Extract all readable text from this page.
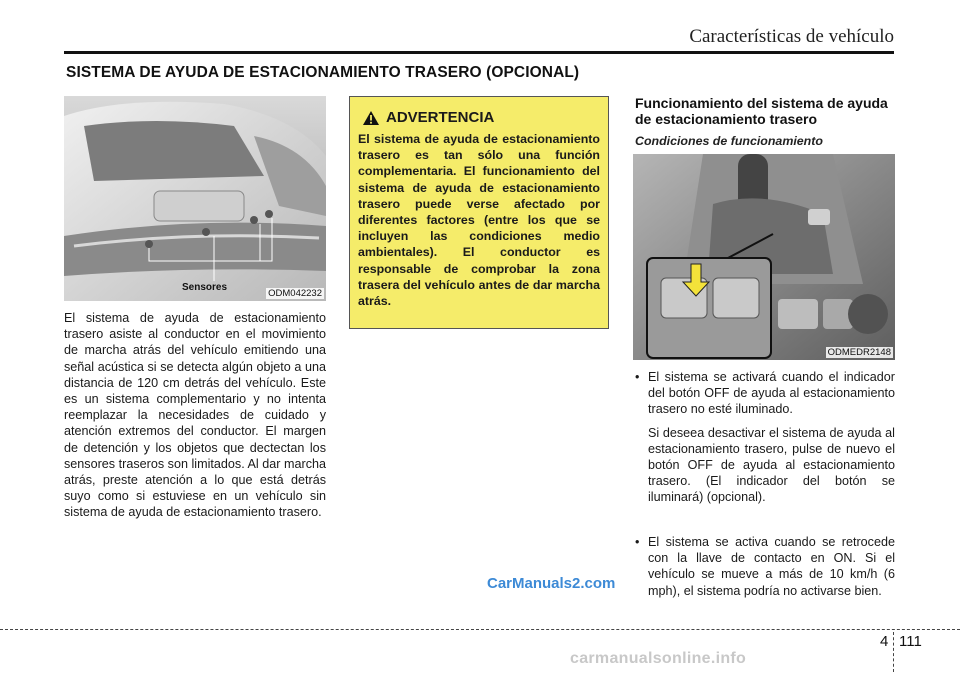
Características de vehículo
SISTEMA DE AYUDA DE ESTACIONAMIENTO TRASERO (OPCIONAL)
Sensores
ODM042232
El sistema de ayuda de estacionamiento trasero asiste al conductor en el movimiento de marcha atrás del vehículo emitiendo una señal acústica si se detecta algún objeto a una distancia de 120 cm detrás del vehículo. Este es un sistema complementario y no intenta reemplazar la necesidades de cuidado y atención extremos del conductor. El margen de detención y los objetos que dectectan los sensores traseros son limitados. Al dar marcha atrás, preste atención a lo que está detrás suyo como si estuviese en un vehículo sin sistema de ayuda de estacionamiento trasero.
ADVERTENCIA
El sistema de ayuda de estacionamiento trasero es tan sólo una función complementaria. El funcionamiento del sistema de ayuda de estacionamiento trasero puede verse afectado por diferentes factores (entre los que se incluyen las condiciones medio ambientales). El conductor es responsable de comprobar la zona trasera del vehículo antes de dar marcha atrás.
Funcionamiento del sistema de ayuda de estacionamiento trasero
Condiciones de funcionamiento
ODMEDR2148
• El sistema se activará cuando el indicador del botón OFF de ayuda al estacionamiento trasero no esté iluminado.
Si deseea desactivar el sistema de ayuda al estacionamiento trasero, pulse de nuevo el botón OFF de ayuda al estacionamiento trasero. (El indicador del botón se iluminará) (opcional).
• El sistema se activa cuando se retrocede con la llave de contacto en ON. Si el vehículo se mueve a más de 10 km/h (6 mph), el sistema podría no activarse bien.
CarManuals2.com
4 111
carmanualsonline.info
